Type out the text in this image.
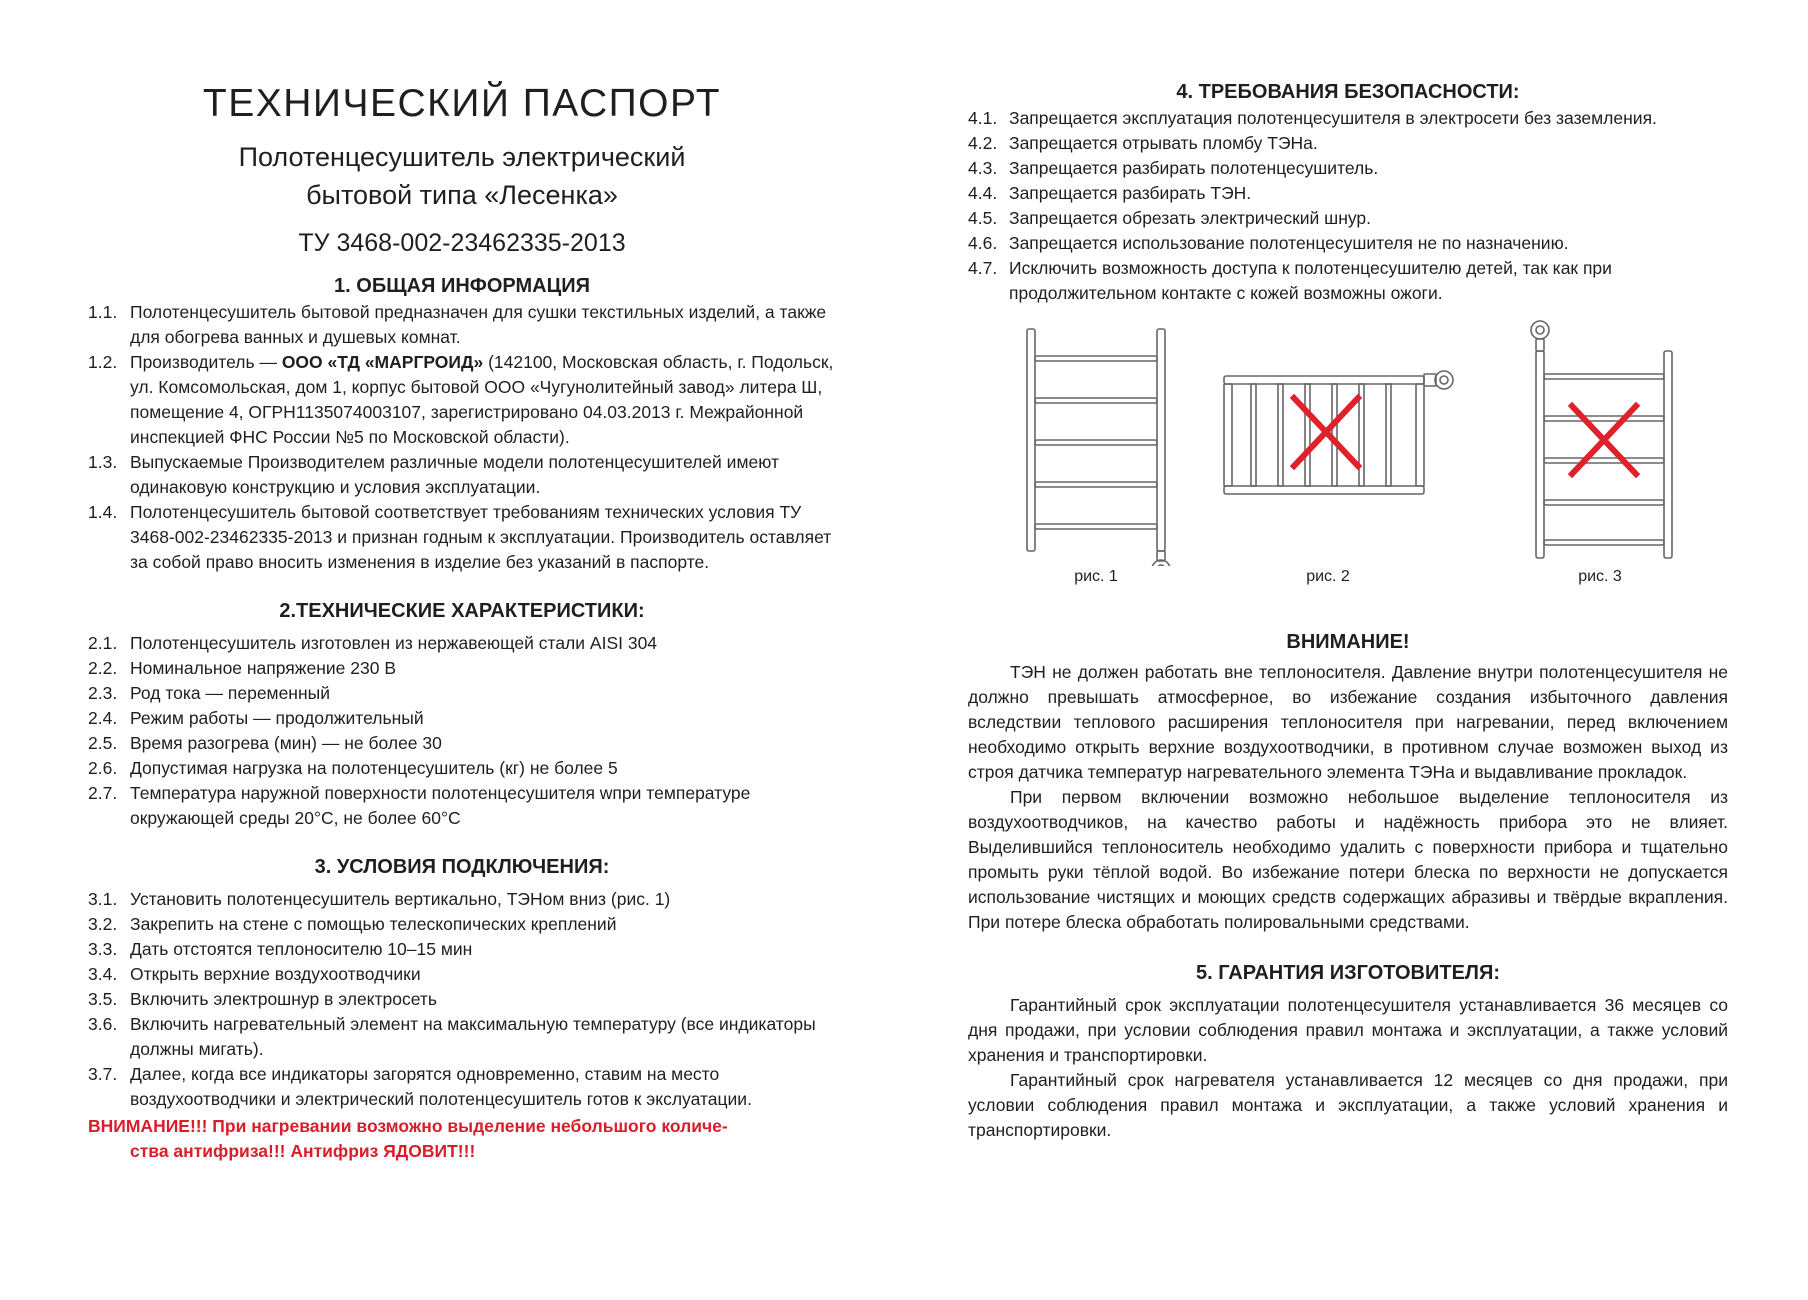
ТЕХНИЧЕСКИЙ ПАСПОРТ
Полотенцесушитель электрический
бытовой типа «Лесенка»
ТУ 3468-002-23462335-2013
1. ОБЩАЯ ИНФОРМАЦИЯ
1.1. Полотенцесушитель бытовой предназначен для сушки текстильных изделий, а также для обогрева ванных и душевых комнат.
1.2. Производитель — ООО «ТД «МАРГРОИД» (142100, Московская область, г. Подольск, ул. Комсомольская, дом 1, корпус бытовой ООО «Чугунолитейный завод» литера Ш, помещение 4, ОГРН1135074003107, зарегистрировано 04.03.2013 г. Межрайонной инспекцией ФНС России №5 по Московской области).
1.3. Выпускаемые Производителем различные модели полотенцесушителей имеют одинаковую конструкцию и условия эксплуатации.
1.4. Полотенцесушитель бытовой соответствует требованиям технических условия ТУ 3468-002-23462335-2013 и признан годным к эксплуатации. Производитель оставляет за собой право вносить изменения в изделие без указаний в паспорте.
2.ТЕХНИЧЕСКИЕ ХАРАКТЕРИСТИКИ:
2.1. Полотенцесушитель изготовлен из нержавеющей стали AISI 304
2.2. Номинальное напряжение 230 В
2.3. Род тока — переменный
2.4. Режим работы — продолжительный
2.5. Время разогрева (мин) — не более 30
2.6. Допустимая нагрузка на полотенцесушитель (кг) не более 5
2.7. Температура наружной поверхности полотенцесушителя wпри температуре окружающей среды 20°С, не более 60°С
3. УСЛОВИЯ ПОДКЛЮЧЕНИЯ:
3.1. Установить полотенцесушитель вертикально, ТЭНом вниз (рис. 1)
3.2. Закрепить на стене с помощью телескопических креплений
3.3. Дать отстоятся теплоносителю 10–15 мин
3.4. Открыть верхние воздухоотводчики
3.5. Включить электрошнур в электросеть
3.6. Включить нагревательный элемент на максимальную температуру (все индикаторы должны мигать).
3.7. Далее, когда все индикаторы загорятся одновременно, ставим на место воздухоотводчики и электрический полотенцесушитель готов к экслуатации.
ВНИМАНИЕ!!! При нагревании возможно выделение небольшого количе-
ства антифриза!!! Антифриз ЯДОВИТ!!!
4. ТРЕБОВАНИЯ БЕЗОПАСНОСТИ:
4.1. Запрещается эксплуатация полотенцесушителя в электросети без заземления.
4.2. Запрещается отрывать пломбу ТЭНа.
4.3. Запрещается разбирать полотенцесушитель.
4.4. Запрещается разбирать ТЭН.
4.5. Запрещается обрезать электрический шнур.
4.6. Запрещается использование полотенцесушителя не по назначению.
4.7. Исключить возможность доступа к полотенцесушителю детей, так как при продолжительном контакте с кожей возможны ожоги.
рис. 1	рис. 2	рис. 3
ВНИМАНИЕ!

ТЭН не должен работать вне теплоносителя. Давление внутри полотенцесушителя не должно превышать атмосферное, во избежание создания избыточного давления вследствии теплового расширения теплоносителя при нагревании, перед включением необходимо открыть верхние воздухоотводчики, в противном случае возможен выход из строя датчика температур нагревательного элемента ТЭНа и выдавливание прокладок.

При первом включении возможно небольшое выделение теплоносителя из воздухоотводчиков, на качество работы и надёжность прибора это не влияет. Выделившийся теплоноситель необходимо удалить с поверхности прибора и тщательно промыть руки тёплой водой. Во избежание потери блеска по верхности не допускается использование чистящих и моющих средств содержащих абразивы и твёрдые вкрапления. При потере блеска обработать полировальными средствами.

5. ГАРАНТИЯ ИЗГОТОВИТЕЛЯ:

Гарантийный срок эксплуатации полотенцесушителя устанавливается 36 месяцев со дня продажи, при условии соблюдения правил монтажа и эксплуатации, а также условий хранения и транспортировки.

Гарантийный срок нагревателя устанавливается 12 месяцев со дня продажи, при условии соблюдения правил монтажа и эксплуатации, а также условий хранения и транспортировки.
